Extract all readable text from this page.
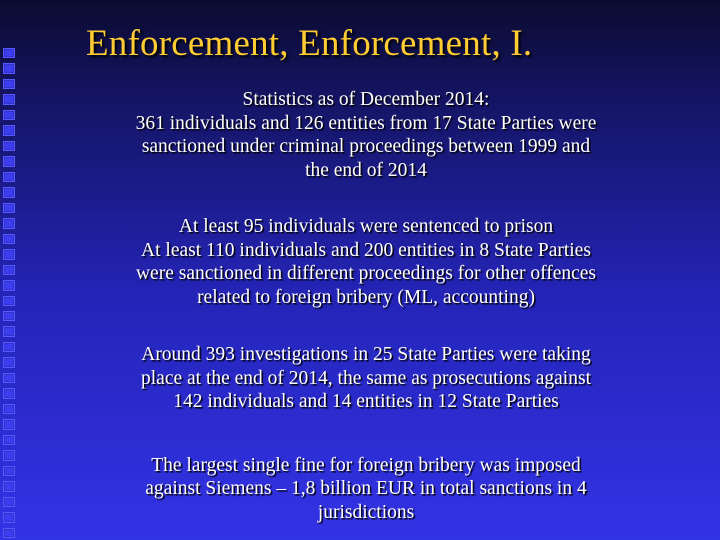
Enforcement, Enforcement, I.

Statistics as of December 2014:
361 individuals and 126 entities from 17 State Parties were
sanctioned under criminal proceedings between 1999 and
the end of 2014

At least 95 individuals were sentenced to prison
At least 110 individuals and 200 entities in 8 State Parties
were sanctioned in different proceedings for other offences
related to foreign bribery (ML, accounting)

Around 393 investigations in 25 State Parties were taking
place at the end of 2014, the same as prosecutions against
142 individuals and 14 entities in 12 State Parties

The largest single fine for foreign bribery was imposed
against Siemens – 1,8 billion EUR in total sanctions in 4
jurisdictions
